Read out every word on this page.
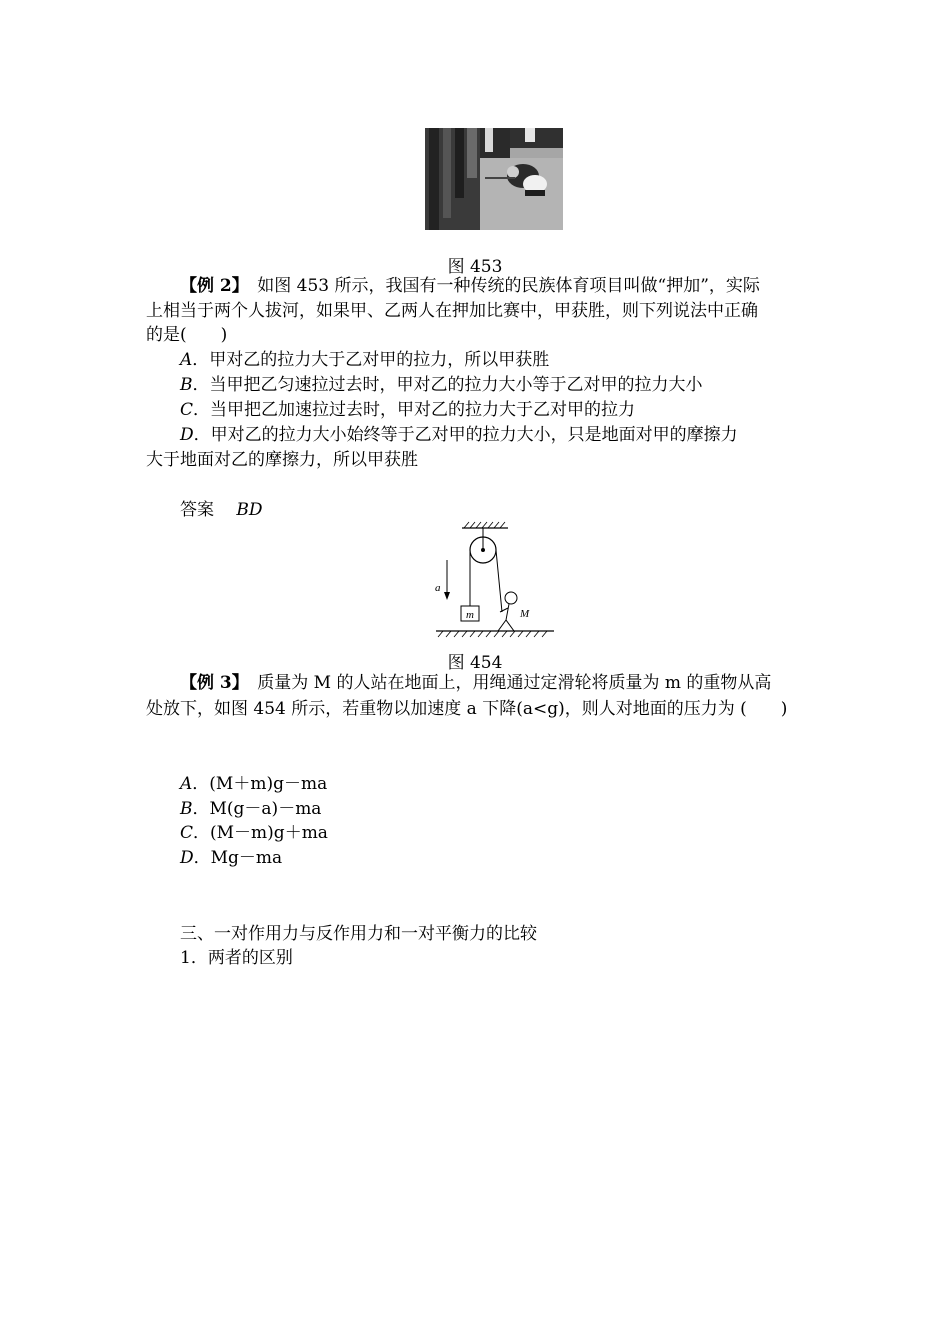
图 453
【例 2】　 如图 453 所示，我国有一种传统的民族体育项目叫做“押加”，实际
上相当于两个人拔河，如果甲、乙两人在押加比赛中，甲获胜，则下列说法中正确
的是(　　)
A．甲对乙的拉力大于乙对甲的拉力，所以甲获胜
B．当甲把乙匀速拉过去时，甲对乙的拉力大小等于乙对甲的拉力大小
C．当甲把乙加速拉过去时，甲对乙的拉力大于乙对甲的拉力
D．甲对乙的拉力大小始终等于乙对甲的拉力大小，只是地面对甲的摩擦力
大于地面对乙的摩擦力，所以甲获胜
答案　 BD
a
m	M
图 454
【例 3】　 质量为 M 的人站在地面上，用绳通过定滑轮将质量为 m 的重物从高
处放下，如图 454 所示，若重物以加速度 a 下降(a<g)，则人对地面的压力为 (　　)
A．(M＋m)g－ma
B．M(g－a)－ma
C．(M－m)g＋ma
D．Mg－ma
三、一对作用力与反作用力和一对平衡力的比较
1．两者的区别
